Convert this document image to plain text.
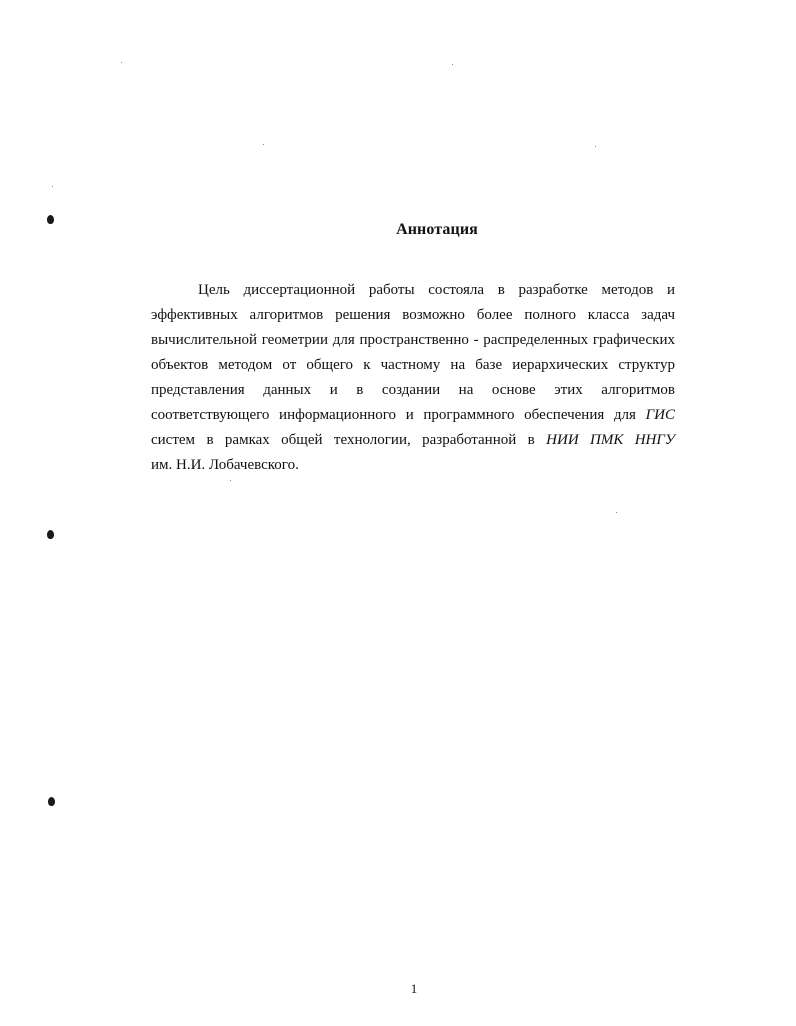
Аннотация
Цель диссертационной работы состояла в разработке методов и
эффективных алгоритмов решения возможно более полного класса задач
вычислительной геометрии для пространственно - распределенных графических
объектов методом от общего к частному на базе иерархических структур
представления данных и в создании на основе этих алгоритмов
соответствующего информационного и программного обеспечения для ГИС
систем в рамках общей технологии, разработанной в НИИ ПМК ННГУ
им. Н.И. Лобачевского.
1
